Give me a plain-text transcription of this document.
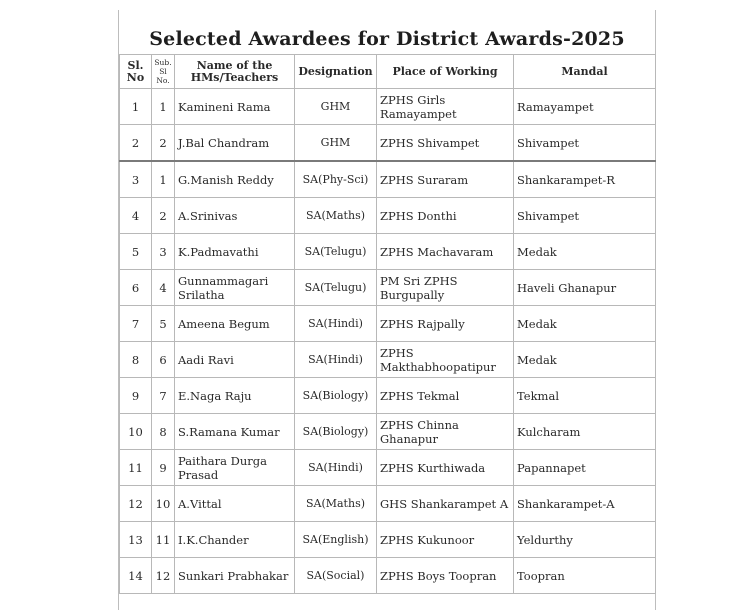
Selected Awardees for District Awards-2025
Sl. No	Sub. Sl No.	Name of the HMs/Teachers	Designation	Place of Working	Mandal
1	1	Kamineni Rama	GHM	ZPHS Girls Ramayampet	Ramayampet
2	2	J.Bal Chandram	GHM	ZPHS Shivampet	Shivampet
3	1	G.Manish Reddy	SA(Phy-Sci)	ZPHS Suraram	Shankarampet-R
4	2	A.Srinivas	SA(Maths)	ZPHS Donthi	Shivampet
5	3	K.Padmavathi	SA(Telugu)	ZPHS Machavaram	Medak
6	4	Gunnammagari Srilatha	SA(Telugu)	PM Sri ZPHS Burgupally	Haveli Ghanapur
7	5	Ameena Begum	SA(Hindi)	ZPHS Rajpally	Medak
8	6	Aadi Ravi	SA(Hindi)	ZPHS Makthabhoopatipur	Medak
9	7	E.Naga Raju	SA(Biology)	ZPHS Tekmal	Tekmal
10	8	S.Ramana Kumar	SA(Biology)	ZPHS Chinna Ghanapur	Kulcharam
11	9	Paithara Durga Prasad	SA(Hindi)	ZPHS Kurthiwada	Papannapet
12	10	A.Vittal	SA(Maths)	GHS Shankarampet A	Shankarampet-A
13	11	I.K.Chander	SA(English)	ZPHS Kukunoor	Yeldurthy
14	12	Sunkari Prabhakar	SA(Social)	ZPHS Boys Toopran	Toopran
